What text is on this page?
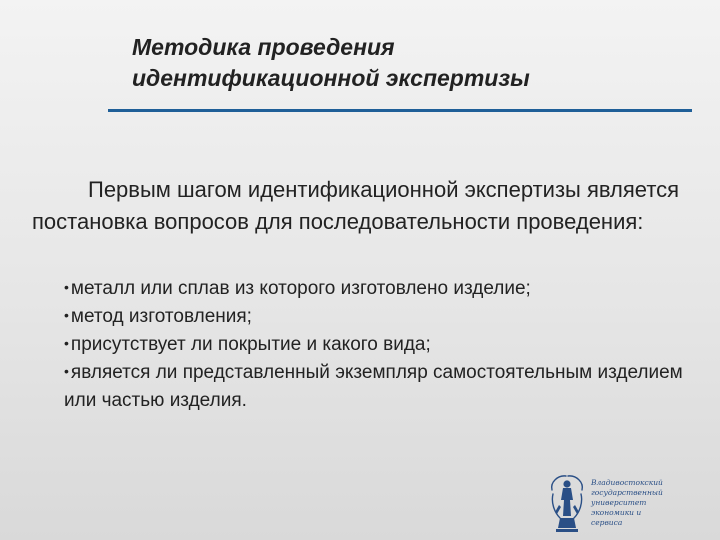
Методика проведения
идентификационной экспертизы
Первым шагом идентификационной экспертизы является постановка вопросов для последовательности проведения:
• металл или сплав из которого изготовлено изделие;
• метод изготовления;
• присутствует ли покрытие и какого вида;
• является ли представленный экземпляр самостоятельным изделием или частью изделия.
Владивостокский
государственный
университет экономики и
сервиса
